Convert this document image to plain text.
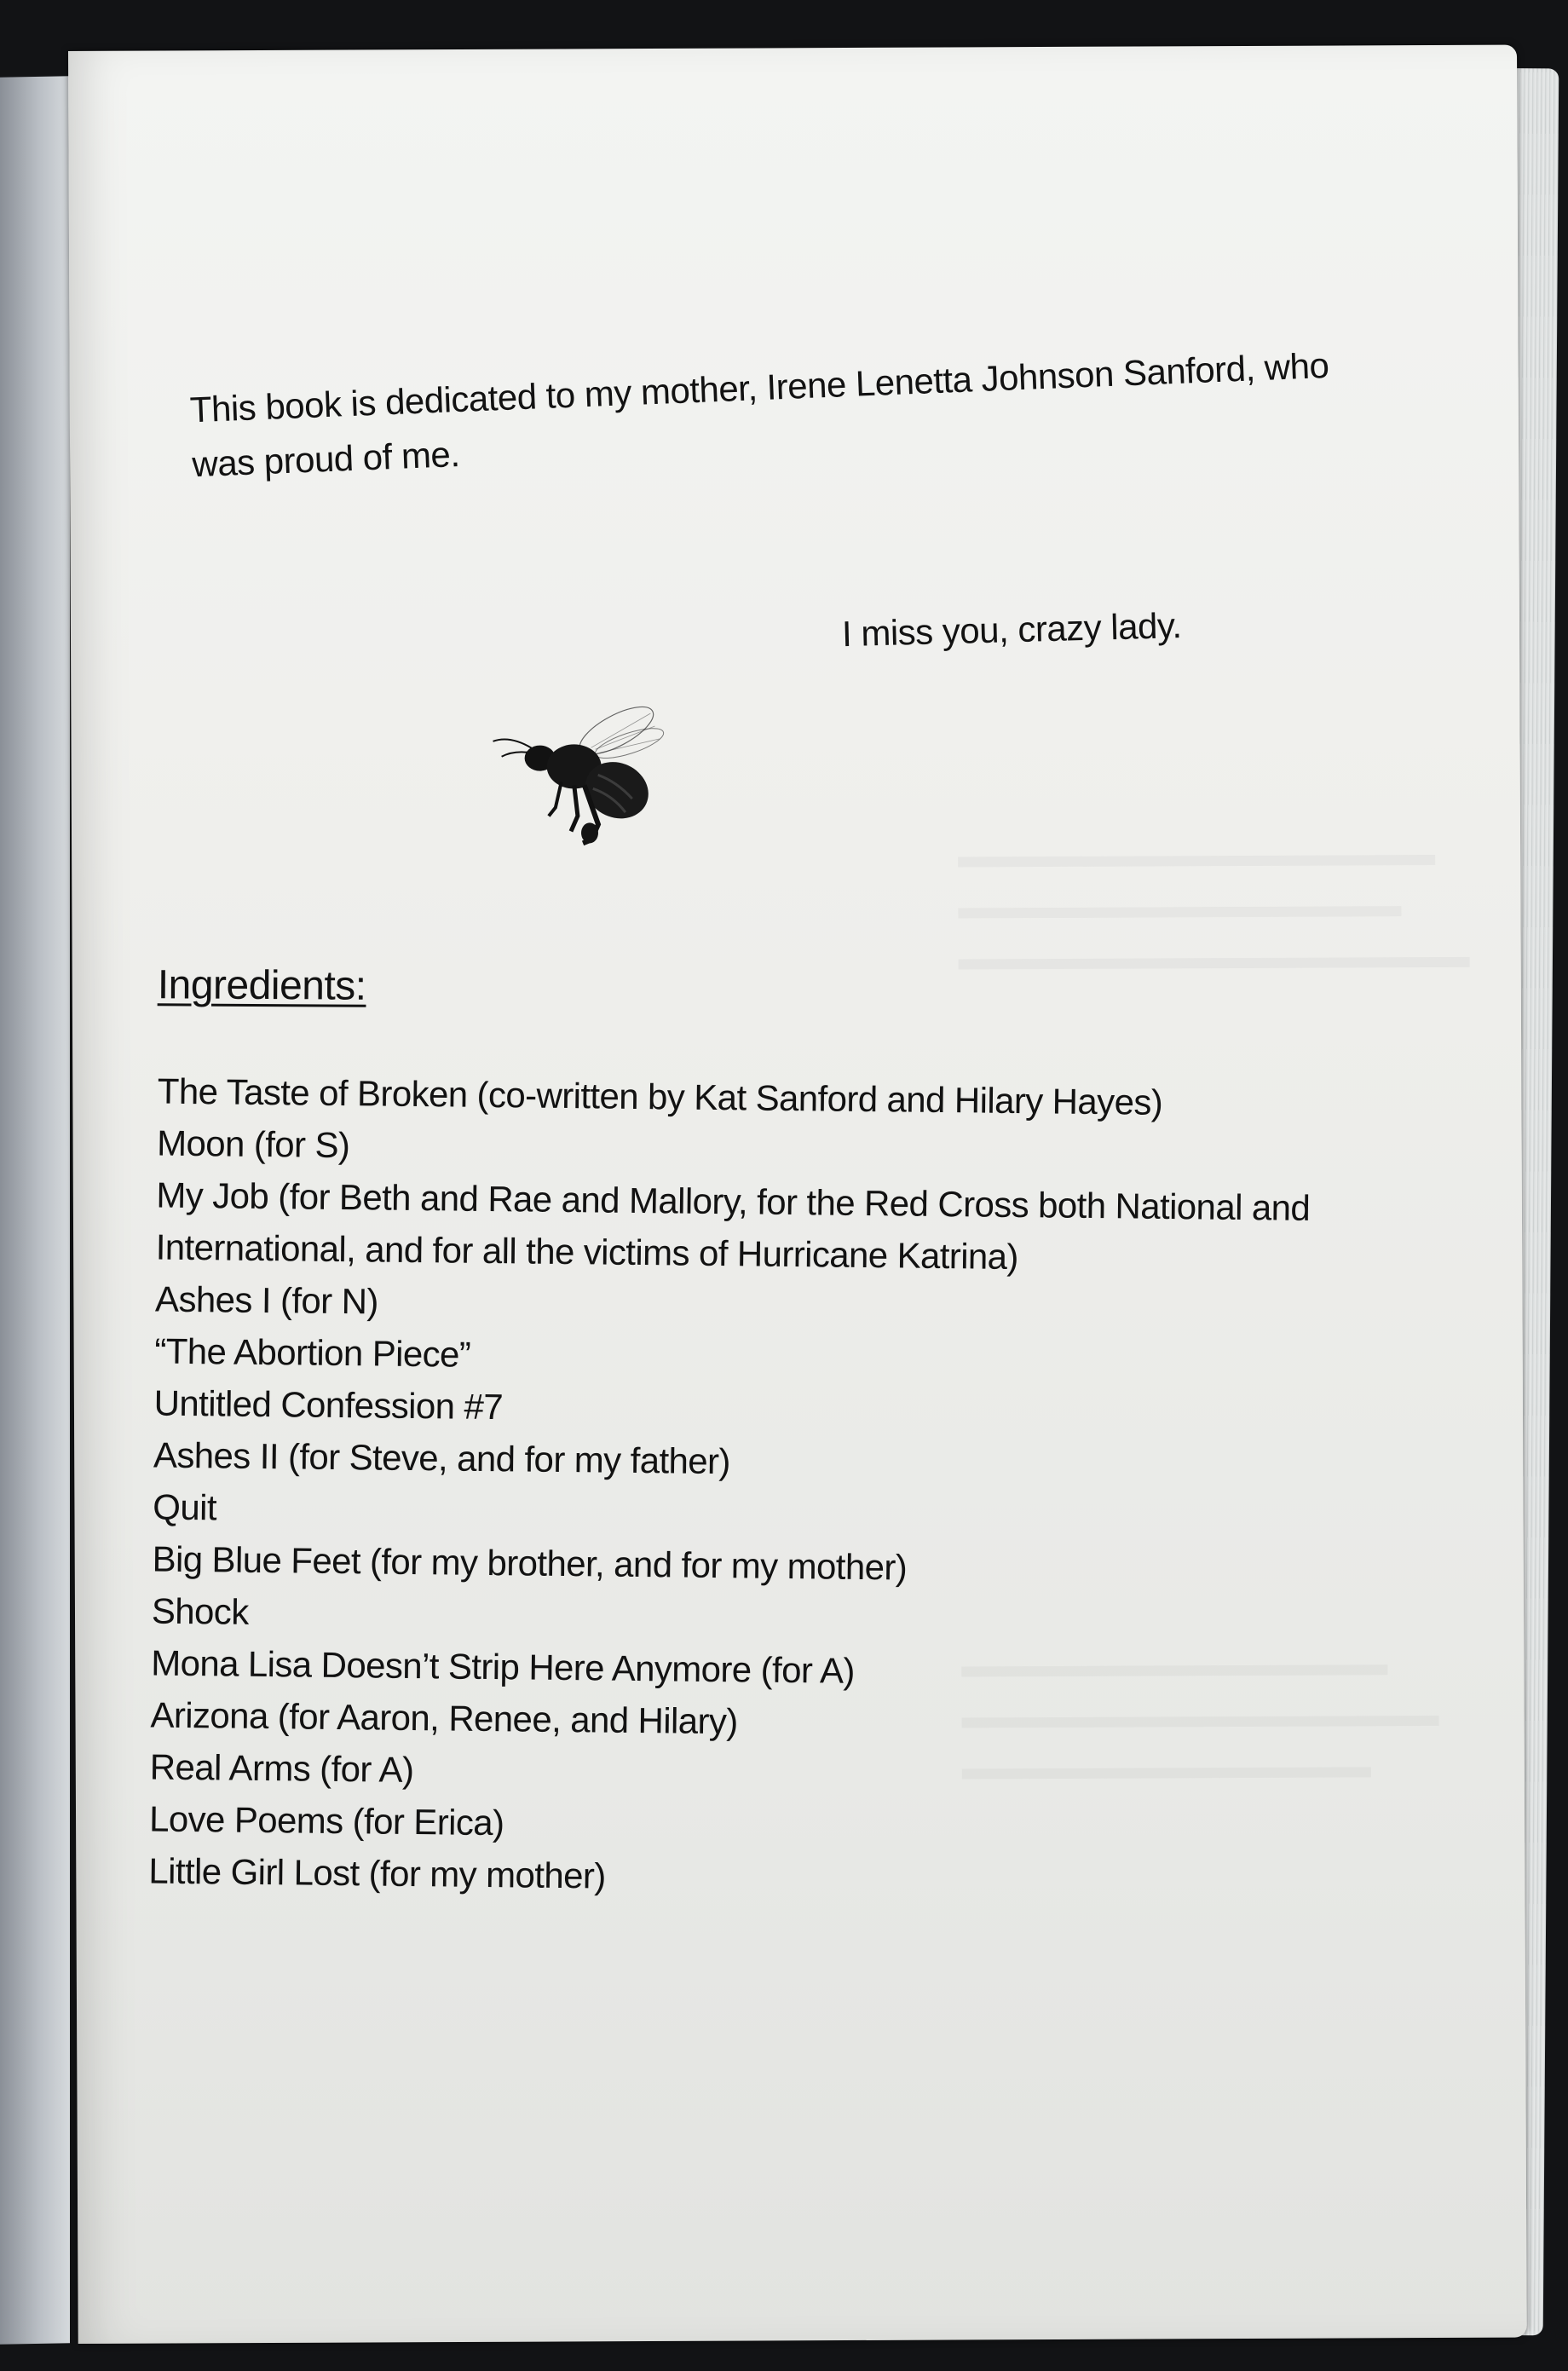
This book is dedicated to my mother, Irene Lenetta Johnson Sanford, who
was proud of me.
I miss you, crazy lady.
Ingredients:
The Taste of Broken (co-written by Kat Sanford and Hilary Hayes)
Moon (for S)
My Job (for Beth and Rae and Mallory, for the Red Cross both National and
International, and for all the victims of Hurricane Katrina)
Ashes I (for N)
“The Abortion Piece”
Untitled Confession #7
Ashes II (for Steve, and for my father)
Quit
Big Blue Feet (for my brother, and for my mother)
Shock
Mona Lisa Doesn’t Strip Here Anymore (for A)
Arizona (for Aaron, Renee, and Hilary)
Real Arms (for A)
Love Poems (for Erica)
Little Girl Lost (for my mother)
